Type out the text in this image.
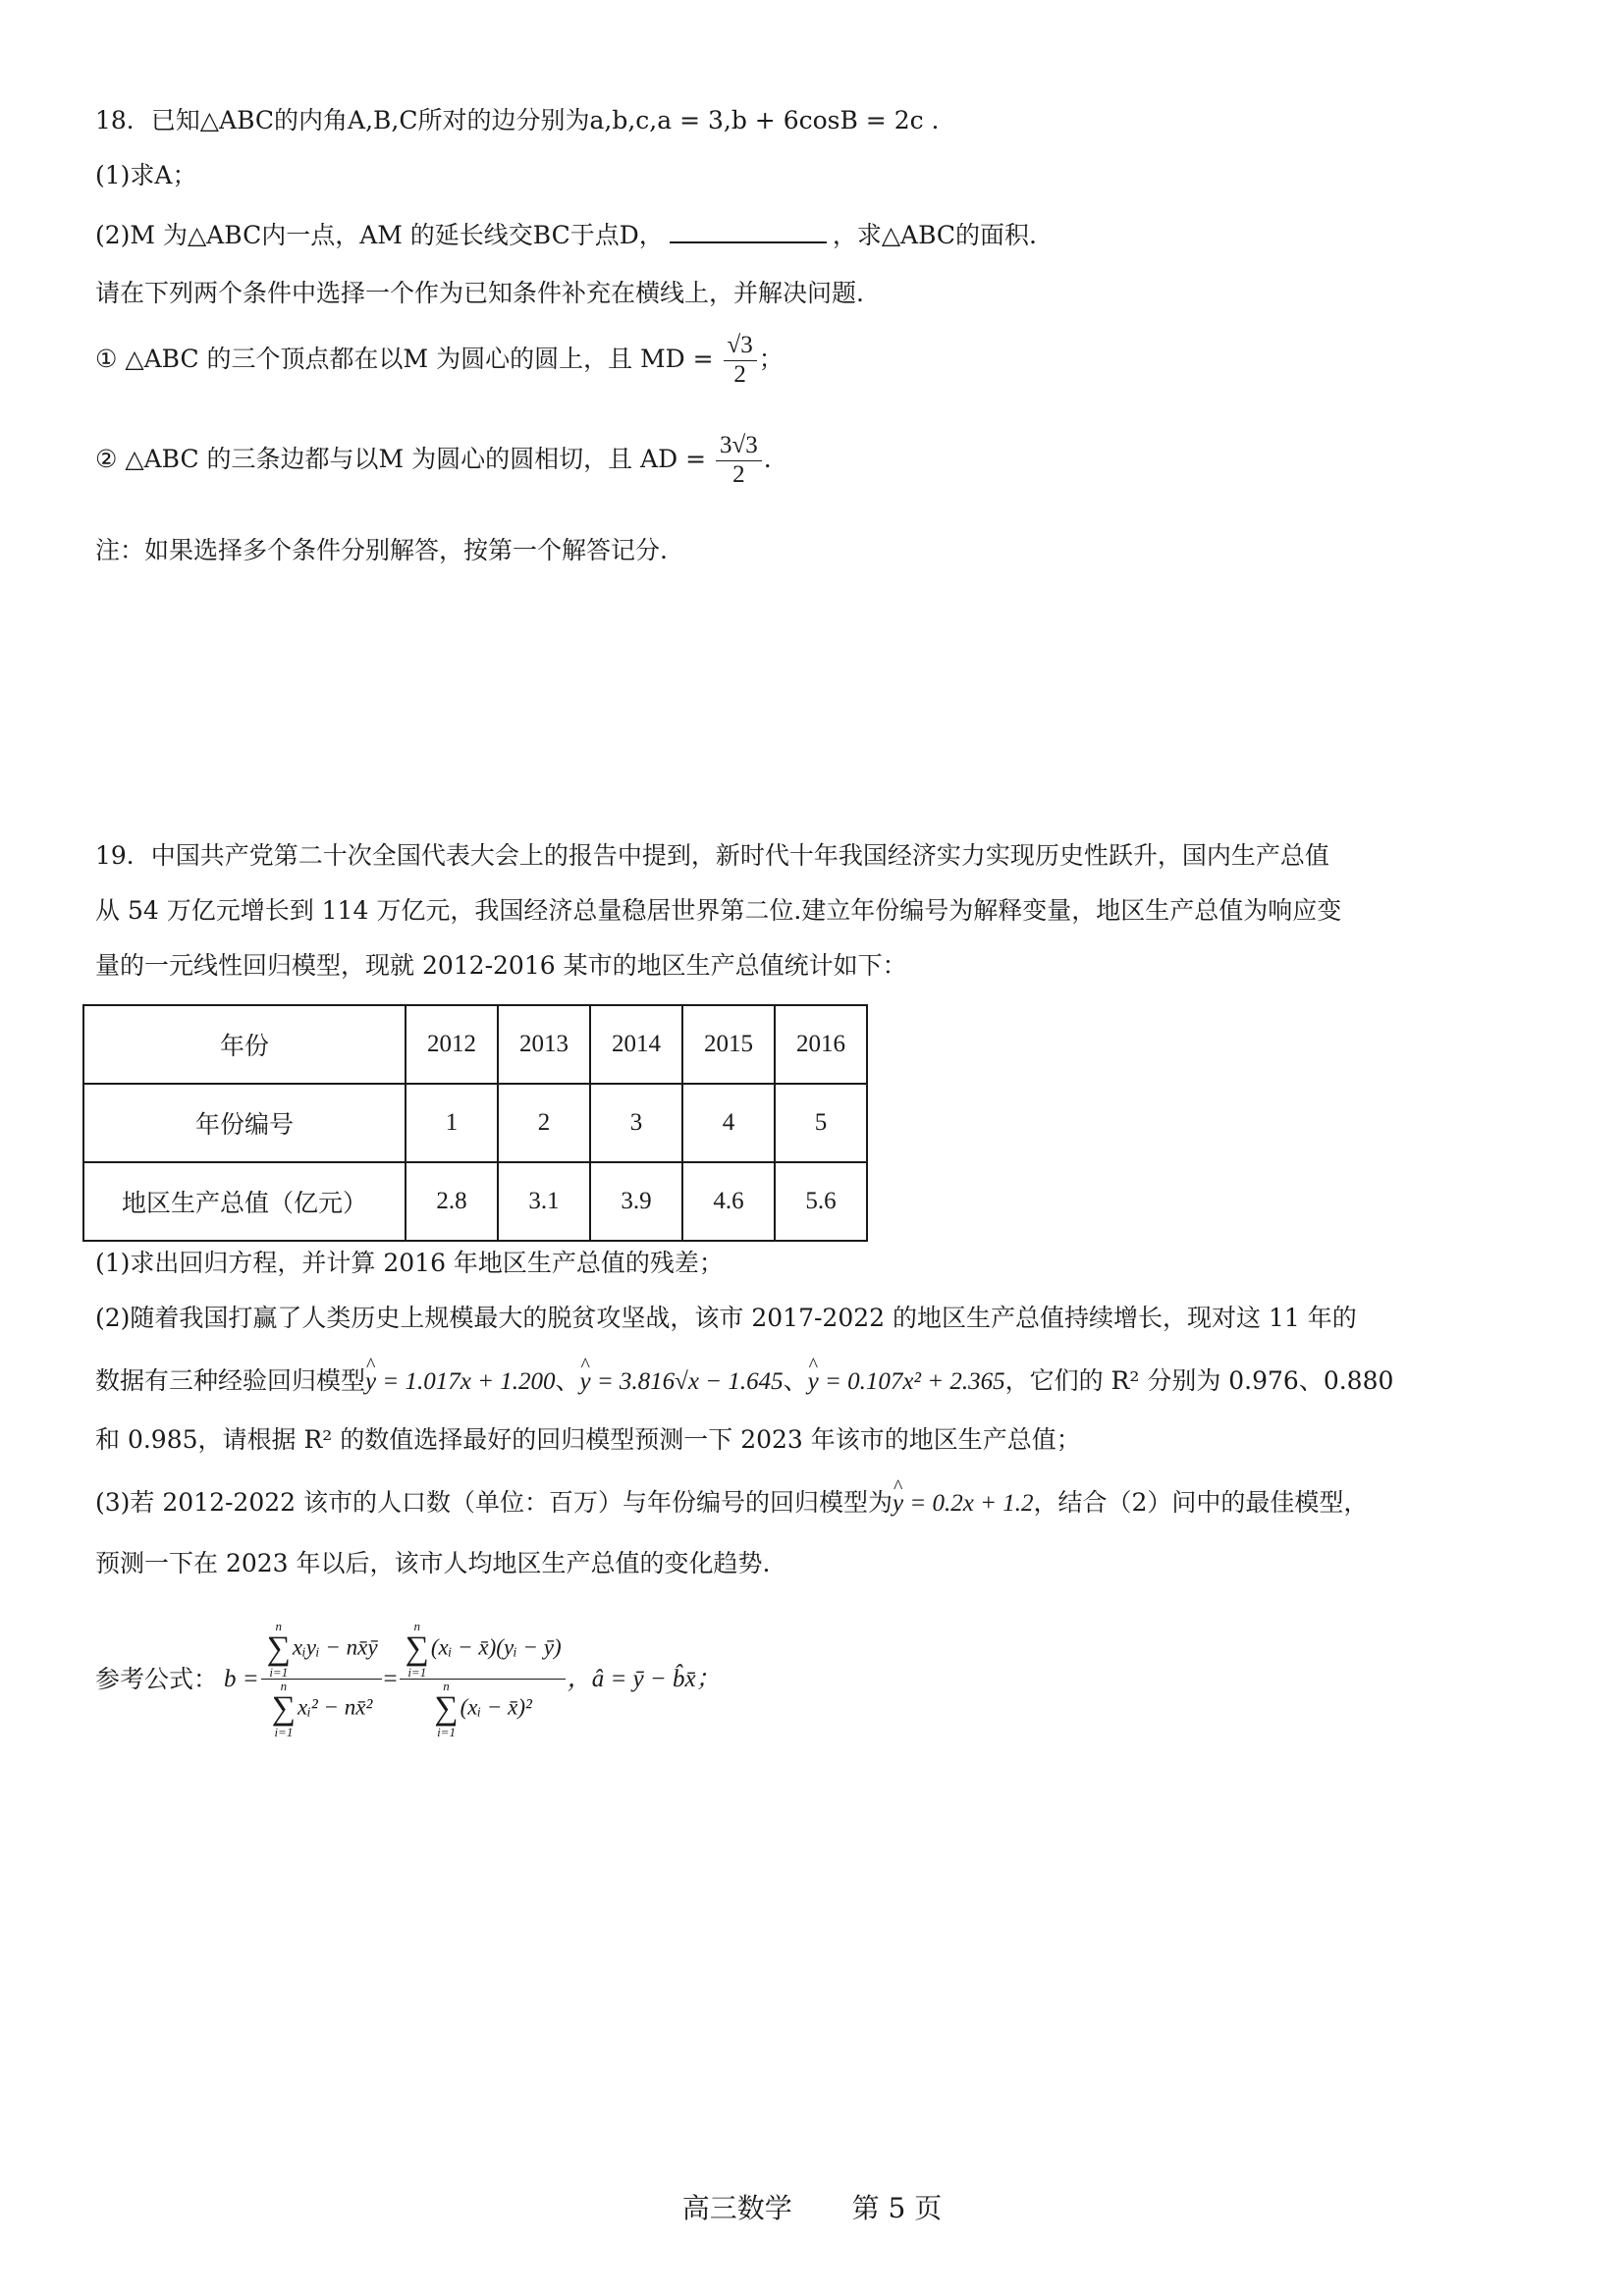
18．已知△ABC的内角A,B,C所对的边分别为a,b,c,a = 3,b + 6cosB = 2c .
(1)求A；
(2)M 为△ABC内一点，AM 的延长线交BC于点D，	，求△ABC的面积.
请在下列两个条件中选择一个作为已知条件补充在横线上，并解决问题.
① △ABC 的三个顶点都在以M 为圆心的圆上，且 MD = $\frac{√3}{2}$ ；
② △ABC 的三条边都与以M 为圆心的圆相切，且 AD = $\frac{3√3}{2}$ .
注：如果选择多个条件分别解答，按第一个解答记分.
19．中国共产党第二十次全国代表大会上的报告中提到，新时代十年我国经济实力实现历史性跃升，国内生产总值
从 54 万亿元增长到 114 万亿元，我国经济总量稳居世界第二位.建立年份编号为解释变量，地区生产总值为响应变
量的一元线性回归模型，现就 2012-2016 某市的地区生产总值统计如下：
年份	2012	2013	2014	2015	2016
年份编号	1	2	3	4	5
地区生产总值（亿元）	2.8	3.1	3.9	4.6	5.6
(1)求出回归方程，并计算 2016 年地区生产总值的残差；
(2)随着我国打赢了人类历史上规模最大的脱贫攻坚战，该市 2017-2022 的地区生产总值持续增长，现对这 11 年的
数据有三种经验回归模型^ y = 1.017x + 1.200、^ y = 3.816√x − 1.645、^ y = 0.107x² + 2.365，它们的 R² 分别为 0.976、0.880
和 0.985，请根据 R² 的数值选择最好的回归模型预测一下 2023 年该市的地区生产总值；
(3)若 2012-2022 该市的人口数（单位：百万）与年份编号的回归模型为^ y = 0.2x + 1.2，结合（2）问中的最佳模型，
预测一下在 2023 年以后，该市人均地区生产总值的变化趋势.
参考公式： b = n
∑
i=1
xᵢyᵢ − nx̄ȳ
n
∑
i=1
xᵢ² − nx̄² = n
∑
i=1
(xᵢ − x̄)(yᵢ − ȳ)
n
∑
i=1
(xᵢ − x̄)² ，â = ȳ − b̂x̄；
高三数学 第 5 页
